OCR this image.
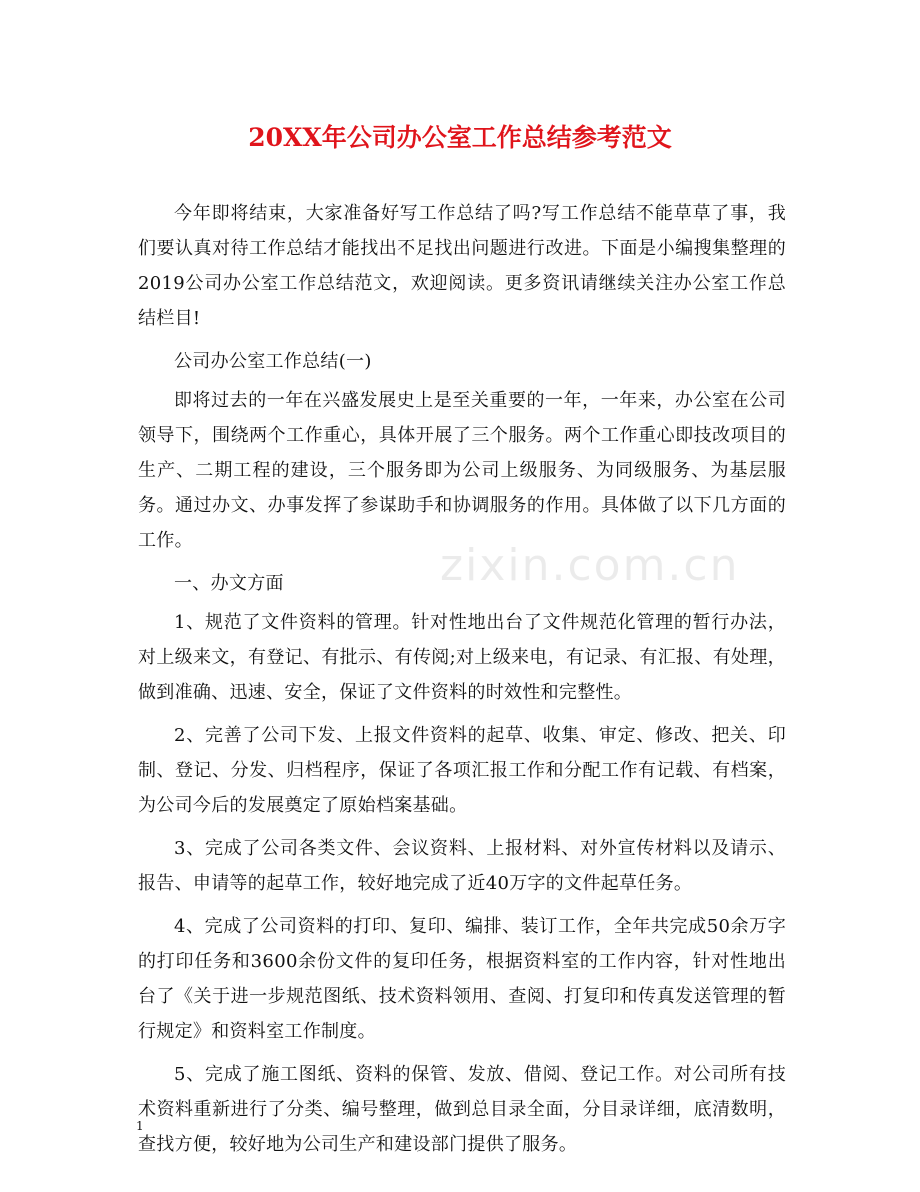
20XX年公司办公室工作总结参考范文
zixin.com.cn

今年即将结束，大家准备好写工作总结了吗?写工作总结不能草草了事，我们要认真对待工作总结才能找出不足找出问题进行改进。下面是小编搜集整理的2019公司办公室工作总结范文，欢迎阅读。更多资讯请继续关注办公室工作总结栏目!

公司办公室工作总结(一)

即将过去的一年在兴盛发展史上是至关重要的一年，一年来，办公室在公司领导下，围绕两个工作重心，具体开展了三个服务。两个工作重心即技改项目的生产、二期工程的建设，三个服务即为公司上级服务、为同级服务、为基层服务。通过办文、办事发挥了参谋助手和协调服务的作用。具体做了以下几方面的工作。

一、办文方面

1、规范了文件资料的管理。针对性地出台了文件规范化管理的暂行办法，对上级来文，有登记、有批示、有传阅;对上级来电，有记录、有汇报、有处理，做到准确、迅速、安全，保证了文件资料的时效性和完整性。

2、完善了公司下发、上报文件资料的起草、收集、审定、修改、把关、印制、登记、分发、归档程序，保证了各项汇报工作和分配工作有记载、有档案，为公司今后的发展奠定了原始档案基础。

3、完成了公司各类文件、会议资料、上报材料、对外宣传材料以及请示、报告、申请等的起草工作，较好地完成了近40万字的文件起草任务。

4、完成了公司资料的打印、复印、编排、装订工作，全年共完成50余万字的打印任务和3600余份文件的复印任务，根据资料室的工作内容，针对性地出台了《关于进一步规范图纸、技术资料领用、查阅、打复印和传真发送管理的暂行规定》和资料室工作制度。

5、完成了施工图纸、资料的保管、发放、借阅、登记工作。对公司所有技术资料重新进行了分类、编号整理，做到总目录全面，分目录详细，底清数明，查找方便，较好地为公司生产和建设部门提供了服务。

1
